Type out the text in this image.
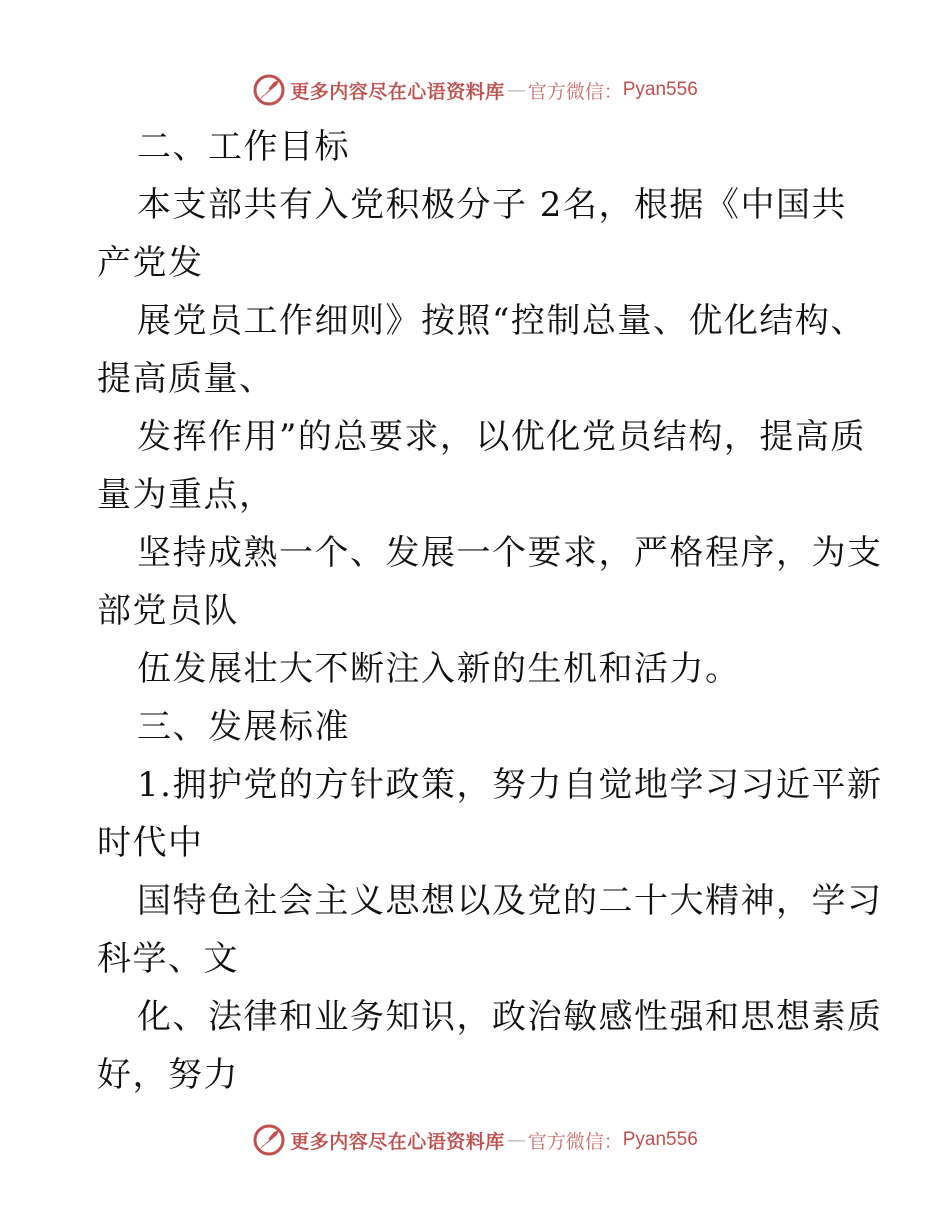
更多内容尽在心语资料库 — 官方微信： Pyan556
二、工作目标
本支部共有入党积极分子 2名，根据《中国共
产党发
展党员工作细则》按照“控制总量、优化结构、
提高质量、
发挥作用”的总要求，以优化党员结构，提高质
量为重点，
坚持成熟一个、发展一个要求，严格程序，为支
部党员队
伍发展壮大不断注入新的生机和活力。
三、发展标准
1.拥护党的方针政策，努力自觉地学习习近平新
时代中
国特色社会主义思想以及党的二十大精神，学习
科学、文
化、法律和业务知识，政治敏感性强和思想素质
好，努力
更多内容尽在心语资料库 — 官方微信： Pyan556
